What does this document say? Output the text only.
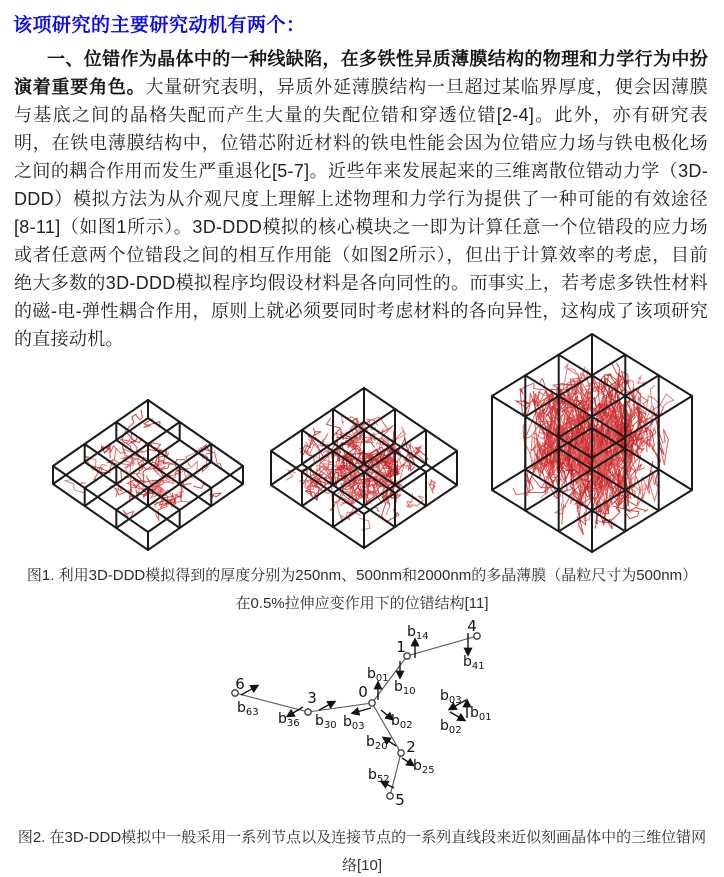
该项研究的主要研究动机有两个：

一、位错作为晶体中的一种线缺陷，在多铁性异质薄膜结构的物理和力学行为中扮演着重要角色。大量研究表明，异质外延薄膜结构一旦超过某临界厚度，便会因薄膜与基底之间的晶格失配而产生大量的失配位错和穿透位错[2-4]。此外，亦有研究表明，在铁电薄膜结构中，位错芯附近材料的铁电性能会因为位错应力场与铁电极化场之间的耦合作用而发生严重退化[5-7]。近些年来发展起来的三维离散位错动力学（3D-DDD）模拟方法为从介观尺度上理解上述物理和力学行为提供了一种可能的有效途径[8-11]（如图1所示）。3D-DDD模拟的核心模块之一即为计算任意一个位错段的应力场或者任意两个位错段之间的相互作用能（如图2所示），但出于计算效率的考虑，目前绝大多数的3D-DDD模拟程序均假设材料是各向同性的。而事实上，若考虑多铁性材料的磁-电-弹性耦合作用，原则上就必须要同时考虑材料的各向异性，这构成了该项研究的直接动机。

图1. 利用3D-DDD模拟得到的厚度分别为250nm、500nm和2000nm的多晶薄膜（晶粒尺寸为500nm）
在0.5%拉伸应变作用下的位错结构[11]
6
3	0
1
4
2
5
$b_{63}$ $b_{36}$ $b_{30}$ $b_{03}$
$b_{01}$
$b_{02}$
$b_{10}$
$b_{14}$
$b_{41}$
$b_{20}$
$b_{25}$
$b_{52}$
$b_{03}$
$b_{02}$
$b_{01}$
图2. 在3D-DDD模拟中一般采用一系列节点以及连接节点的一系列直线段来近似刻画晶体中的三维位错网
络[10]
